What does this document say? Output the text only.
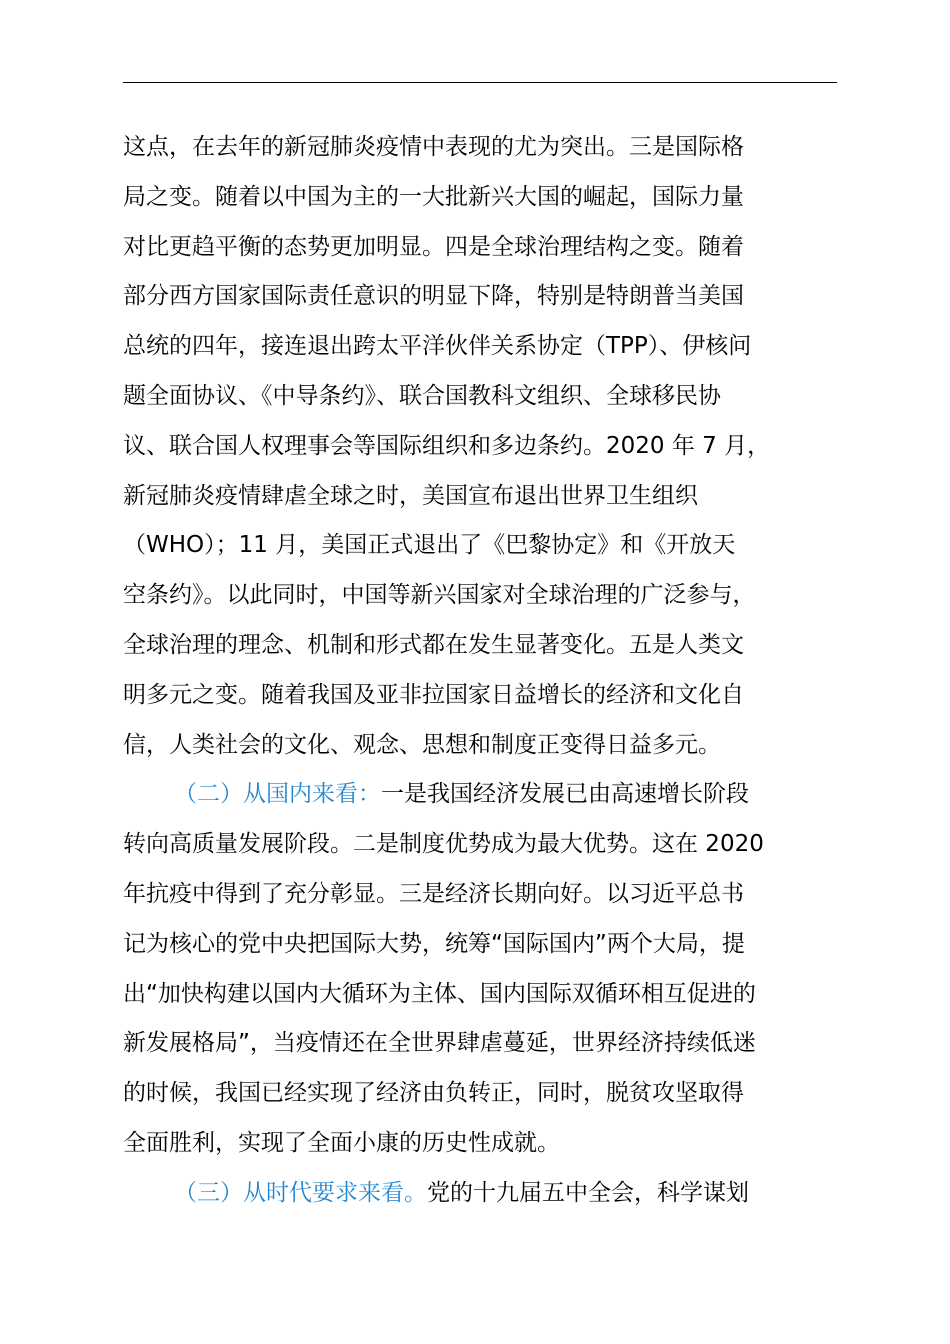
这点，在去年的新冠肺炎疫情中表现的尤为突出。三是国际格
局之变。随着以中国为主的一大批新兴大国的崛起，国际力量
对比更趋平衡的态势更加明显。四是全球治理结构之变。随着
部分西方国家国际责任意识的明显下降，特别是特朗普当美国
总统的四年，接连退出跨太平洋伙伴关系协定（TPP）、伊核问
题全面协议、《中导条约》、联合国教科文组织、全球移民协
议、联合国人权理事会等国际组织和多边条约。2020 年 7 月，
新冠肺炎疫情肆虐全球之时，美国宣布退出世界卫生组织
（WHO）；11 月，美国正式退出了《巴黎协定》和《开放天
空条约》。以此同时，中国等新兴国家对全球治理的广泛参与，
全球治理的理念、机制和形式都在发生显著变化。五是人类文
明多元之变。随着我国及亚非拉国家日益增长的经济和文化自
信，人类社会的文化、观念、思想和制度正变得日益多元。
（二）从国内来看：一是我国经济发展已由高速增长阶段
转向高质量发展阶段。二是制度优势成为最大优势。这在 2020
年抗疫中得到了充分彰显。三是经济长期向好。以习近平总书
记为核心的党中央把国际大势，统筹“国际国内”两个大局，提
出“加快构建以国内大循环为主体、国内国际双循环相互促进的
新发展格局”，当疫情还在全世界肆虐蔓延，世界经济持续低迷
的时候，我国已经实现了经济由负转正，同时，脱贫攻坚取得
全面胜利，实现了全面小康的历史性成就。
（三）从时代要求来看。党的十九届五中全会，科学谋划
